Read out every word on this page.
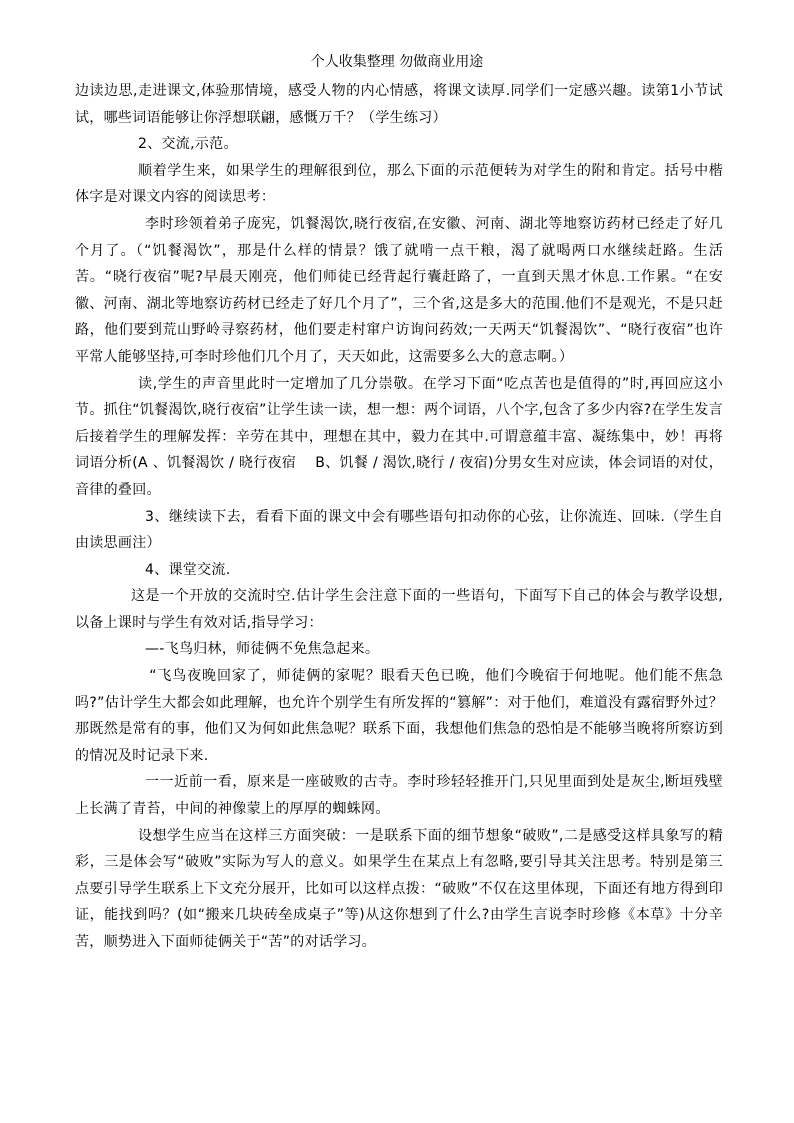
个人收集整理 勿做商业用途

边读边思,走进课文,体验那情境，感受人物的内心情感，将课文读厚.同学们一定感兴趣。读第1小节试试，哪些词语能够让你浮想联翩，感慨万千？（学生练习）

2、交流,示范。

顺着学生来，如果学生的理解很到位，那么下面的示范便转为对学生的附和肯定。括号中楷体字是对课文内容的阅读思考：

李时珍领着弟子庞宪，饥餐渴饮,晓行夜宿,在安徽、河南、湖北等地察访药材已经走了好几个月了。（“饥餐渴饮”，那是什么样的情景？饿了就啃一点干粮，渴了就喝两口水继续赶路。生活苦。“晓行夜宿”呢?早晨天刚亮，他们师徒已经背起行囊赶路了，一直到天黑才休息.工作累。“在安徽、河南、湖北等地察访药材已经走了好几个月了”，三个省,这是多大的范围.他们不是观光，不是只赶路，他们要到荒山野岭寻察药材，他们要走村窜户访询问药效;一天两天“饥餐渴饮”、“晓行夜宿”也许平常人能够坚持,可李时珍他们几个月了，天天如此，这需要多么大的意志啊。）

读,学生的声音里此时一定增加了几分崇敬。在学习下面“吃点苦也是值得的”时,再回应这小节。抓住“饥餐渴饮,晓行夜宿”让学生读一读，想一想：两个词语，八个字,包含了多少内容?在学生发言后接着学生的理解发挥：辛劳在其中，理想在其中，毅力在其中.可谓意蕴丰富、凝练集中，妙！再将词语分析(A 、饥餐渴饮 / 晓行夜宿　 B、饥餐 / 渴饮,晓行 / 夜宿)分男女生对应读，体会词语的对仗，音律的叠回。

3、继续读下去，看看下面的课文中会有哪些语句扣动你的心弦，让你流连、回味.（学生自由读思画注）

4、课堂交流.

这是一个开放的交流时空.估计学生会注意下面的一些语句，下面写下自己的体会与教学设想,以备上课时与学生有效对话,指导学习：

—-飞鸟归林，师徒俩不免焦急起来。

“飞鸟夜晚回家了，师徒俩的家呢？眼看天色已晚，他们今晚宿于何地呢。他们能不焦急吗?”估计学生大都会如此理解，也允许个别学生有所发挥的“篡解”：对于他们，难道没有露宿野外过？那既然是常有的事，他们又为何如此焦急呢？联系下面，我想他们焦急的恐怕是不能够当晚将所察访到的情况及时记录下来.

一一近前一看，原来是一座破败的古寺。李时珍轻轻推开门,只见里面到处是灰尘,断垣残壁上长满了青苔，中间的神像蒙上的厚厚的蜘蛛网。

设想学生应当在这样三方面突破：一是联系下面的细节想象“破败”,二是感受这样具象写的精彩，三是体会写“破败”实际为写人的意义。如果学生在某点上有忽略,要引导其关注思考。特别是第三点要引导学生联系上下文充分展开，比如可以这样点拨：“破败”不仅在这里体现，下面还有地方得到印证，能找到吗？(如“搬来几块砖垒成桌子”等)从这你想到了什么?由学生言说李时珍修《本草》十分辛苦，顺势进入下面师徒俩关于“苦”的对话学习。
